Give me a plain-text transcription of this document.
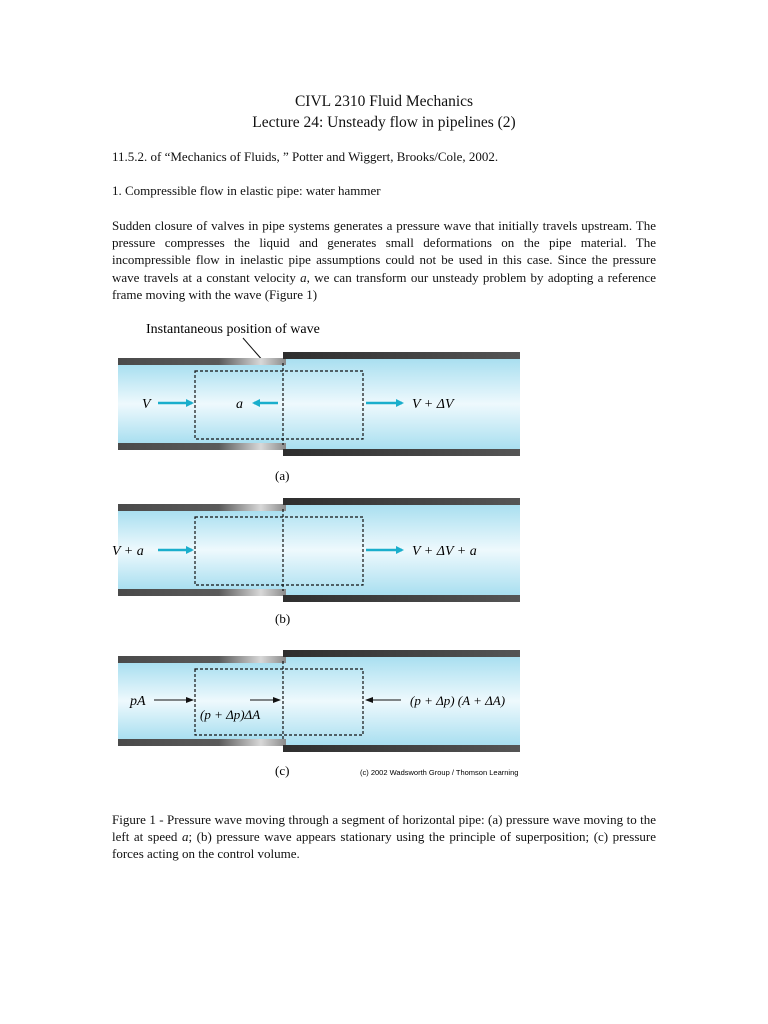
CIVL 2310 Fluid Mechanics
Lecture 24: Unsteady flow in pipelines (2)
11.5.2. of “Mechanics of Fluids, ” Potter and Wiggert, Brooks/Cole, 2002.
1. Compressible flow in elastic pipe: water hammer
Sudden closure of valves in pipe systems generates a pressure wave that initially travels upstream. The pressure compresses the liquid and generates small deformations on the pipe material. The incompressible flow in inelastic pipe assumptions could not be used in this case. Since the pressure wave travels at a constant velocity a, we can transform our unsteady problem by adopting a reference frame moving with the wave (Figure 1)
Instantaneous position of wave
V	a	V + ΔV
(a)
V + a	V + ΔV + a
(b)
pA
(p + Δp)ΔA
(p + Δp) (A + ΔA)
(c)	(c) 2002 Wadsworth Group / Thomson Learning
Figure 1 - Pressure wave moving through a segment of horizontal pipe: (a) pressure wave moving to the left at speed a; (b) pressure wave appears stationary using the principle of superposition; (c) pressure forces acting on the control volume.
